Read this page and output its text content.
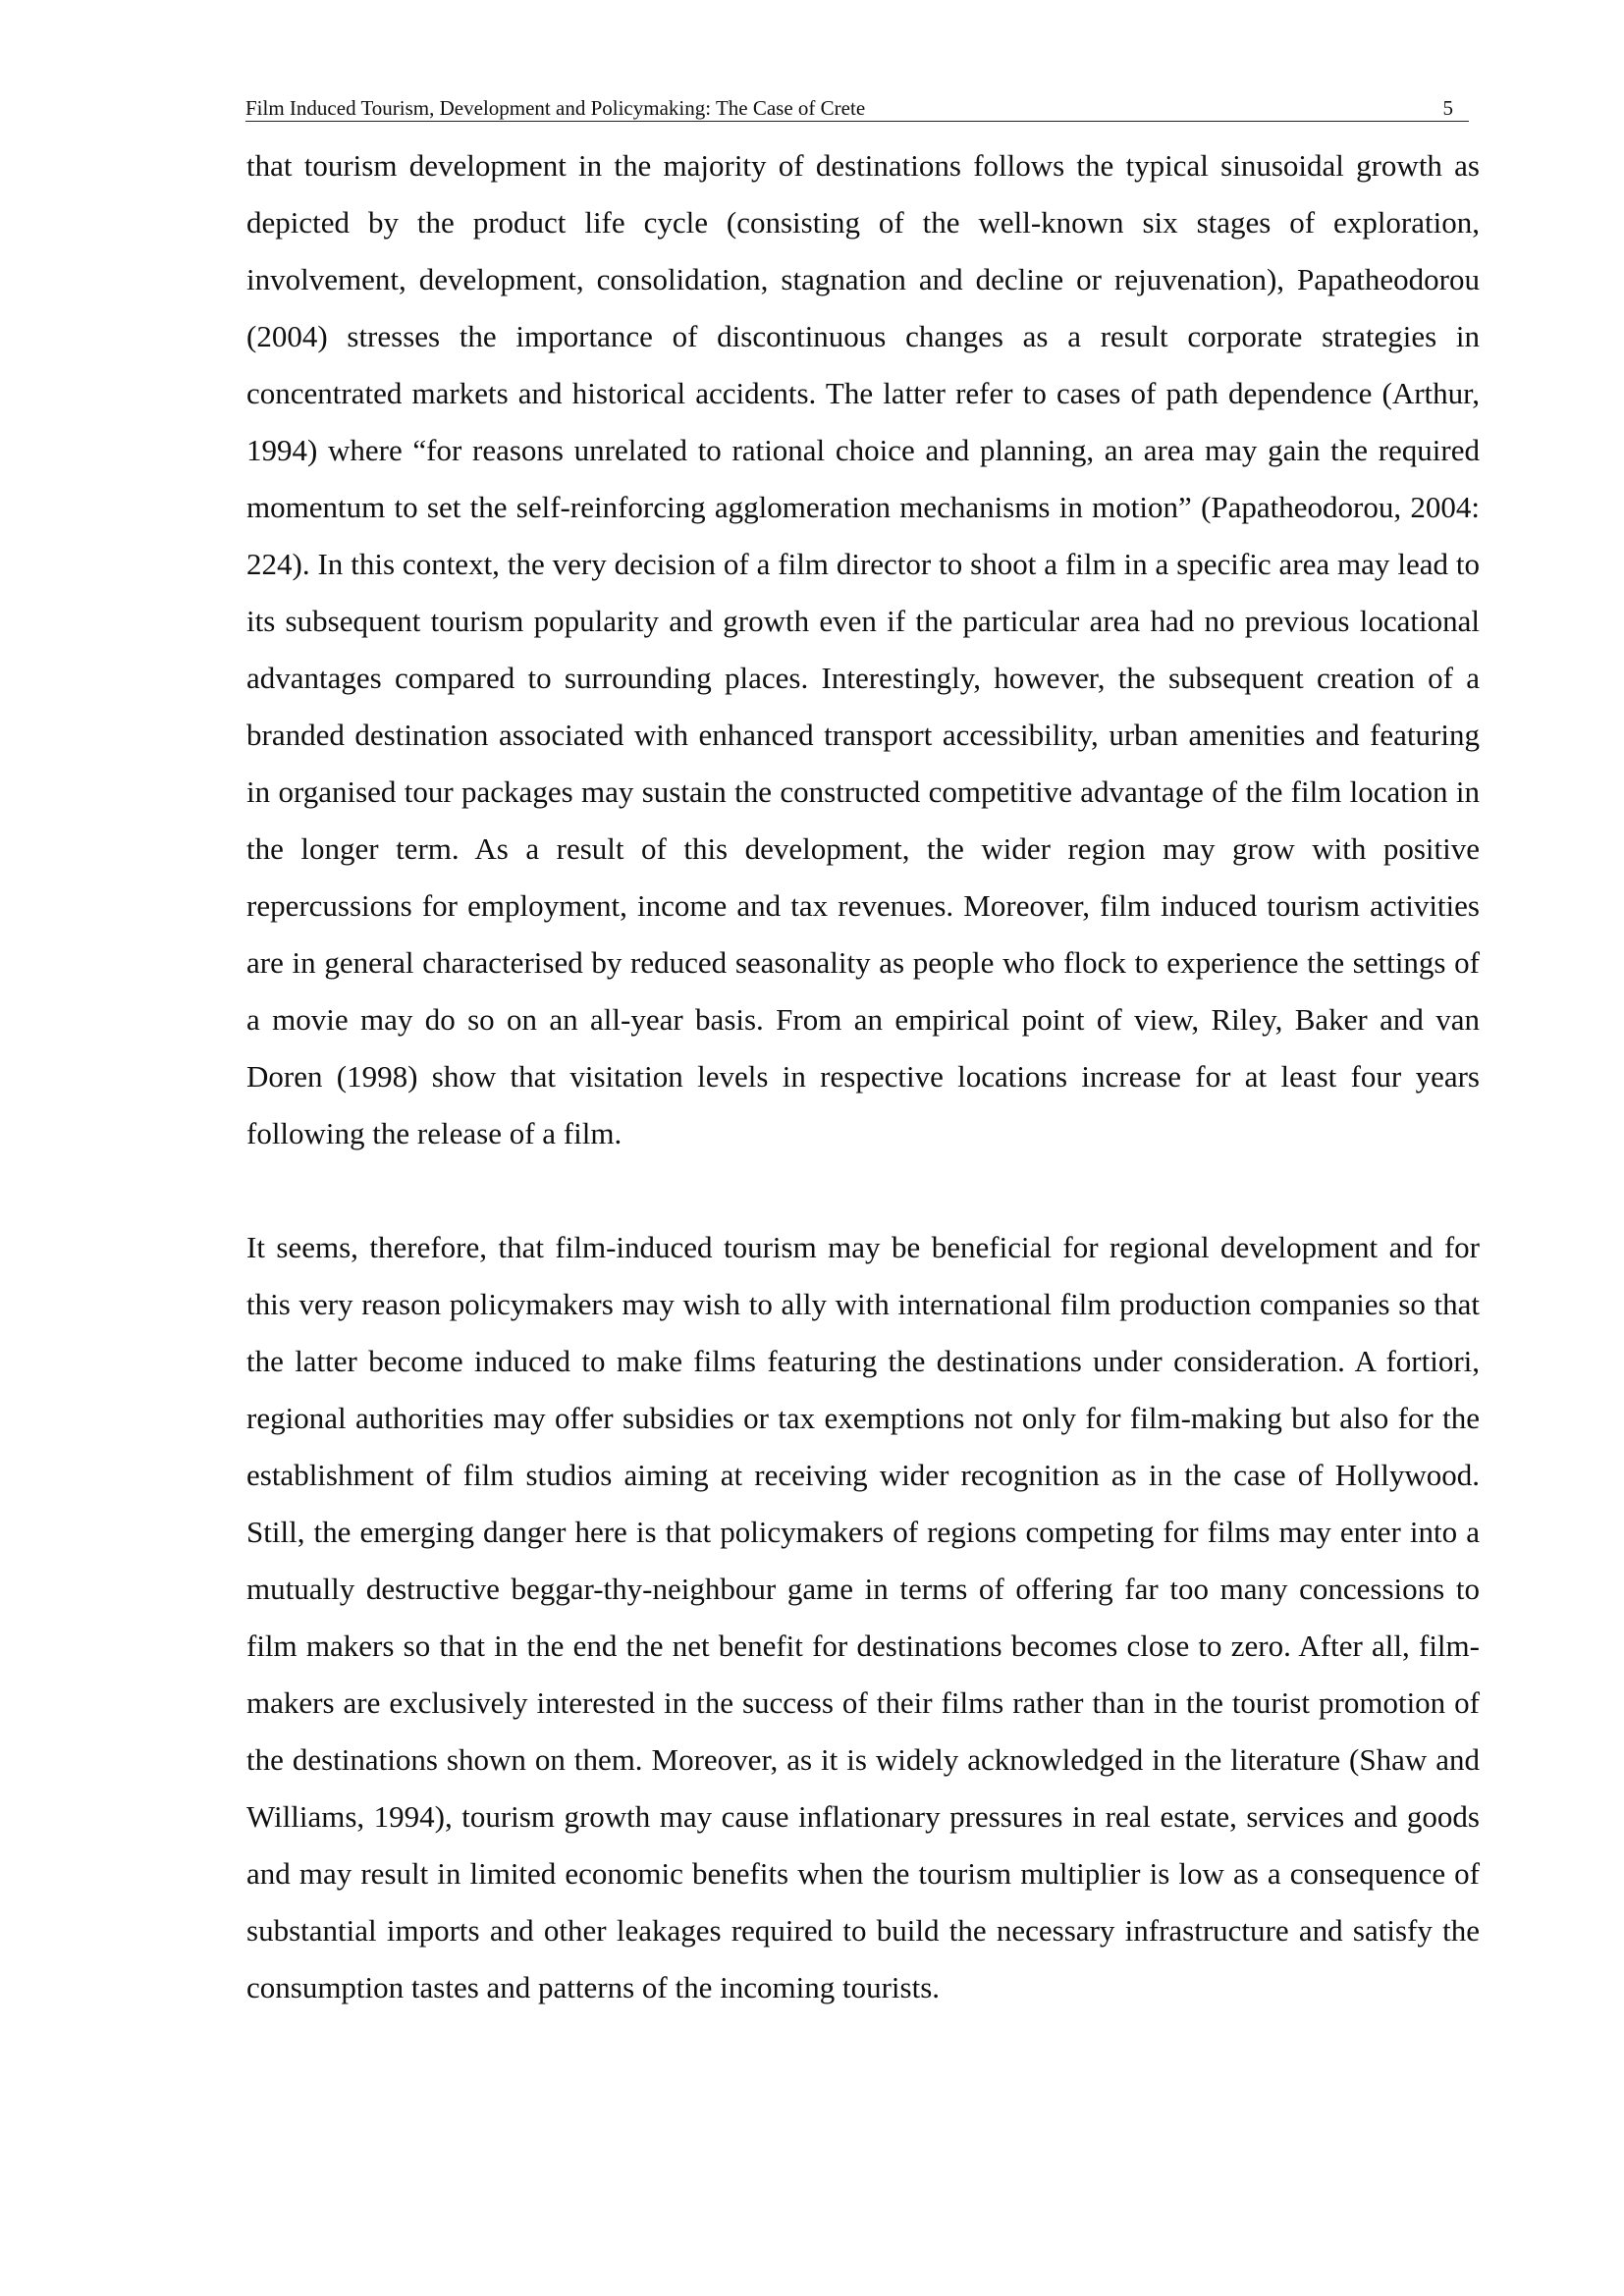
Film Induced Tourism, Development and Policymaking: The Case of Crete	5

that tourism development in the majority of destinations follows the typical sinusoidal growth as depicted by the product life cycle (consisting of the well-known six stages of exploration, involvement, development, consolidation, stagnation and decline or rejuvenation), Papatheodorou (2004) stresses the importance of discontinuous changes as a result corporate strategies in concentrated markets and historical accidents. The latter refer to cases of path dependence (Arthur, 1994) where “for reasons unrelated to rational choice and planning, an area may gain the required momentum to set the self-reinforcing agglomeration mechanisms in motion” (Papatheodorou, 2004: 224). In this context, the very decision of a film director to shoot a film in a specific area may lead to its subsequent tourism popularity and growth even if the particular area had no previous locational advantages compared to surrounding places. Interestingly, however, the subsequent creation of a branded destination associated with enhanced transport accessibility, urban amenities and featuring in organised tour packages may sustain the constructed competitive advantage of the film location in the longer term. As a result of this development, the wider region may grow with positive repercussions for employment, income and tax revenues. Moreover, film induced tourism activities are in general characterised by reduced seasonality as people who flock to experience the settings of a movie may do so on an all-year basis. From an empirical point of view, Riley, Baker and van Doren (1998) show that visitation levels in respective locations increase for at least four years following the release of a film.

It seems, therefore, that film-induced tourism may be beneficial for regional development and for this very reason policymakers may wish to ally with international film production companies so that the latter become induced to make films featuring the destinations under consideration. A fortiori, regional authorities may offer subsidies or tax exemptions not only for film-making but also for the establishment of film studios aiming at receiving wider recognition as in the case of Hollywood. Still, the emerging danger here is that policymakers of regions competing for films may enter into a mutually destructive beggar-thy-neighbour game in terms of offering far too many concessions to film makers so that in the end the net benefit for destinations becomes close to zero. After all, film-makers are exclusively interested in the success of their films rather than in the tourist promotion of the destinations shown on them. Moreover, as it is widely acknowledged in the literature (Shaw and Williams, 1994), tourism growth may cause inflationary pressures in real estate, services and goods and may result in limited economic benefits when the tourism multiplier is low as a consequence of substantial imports and other leakages required to build the necessary infrastructure and satisfy the consumption tastes and patterns of the incoming tourists.
